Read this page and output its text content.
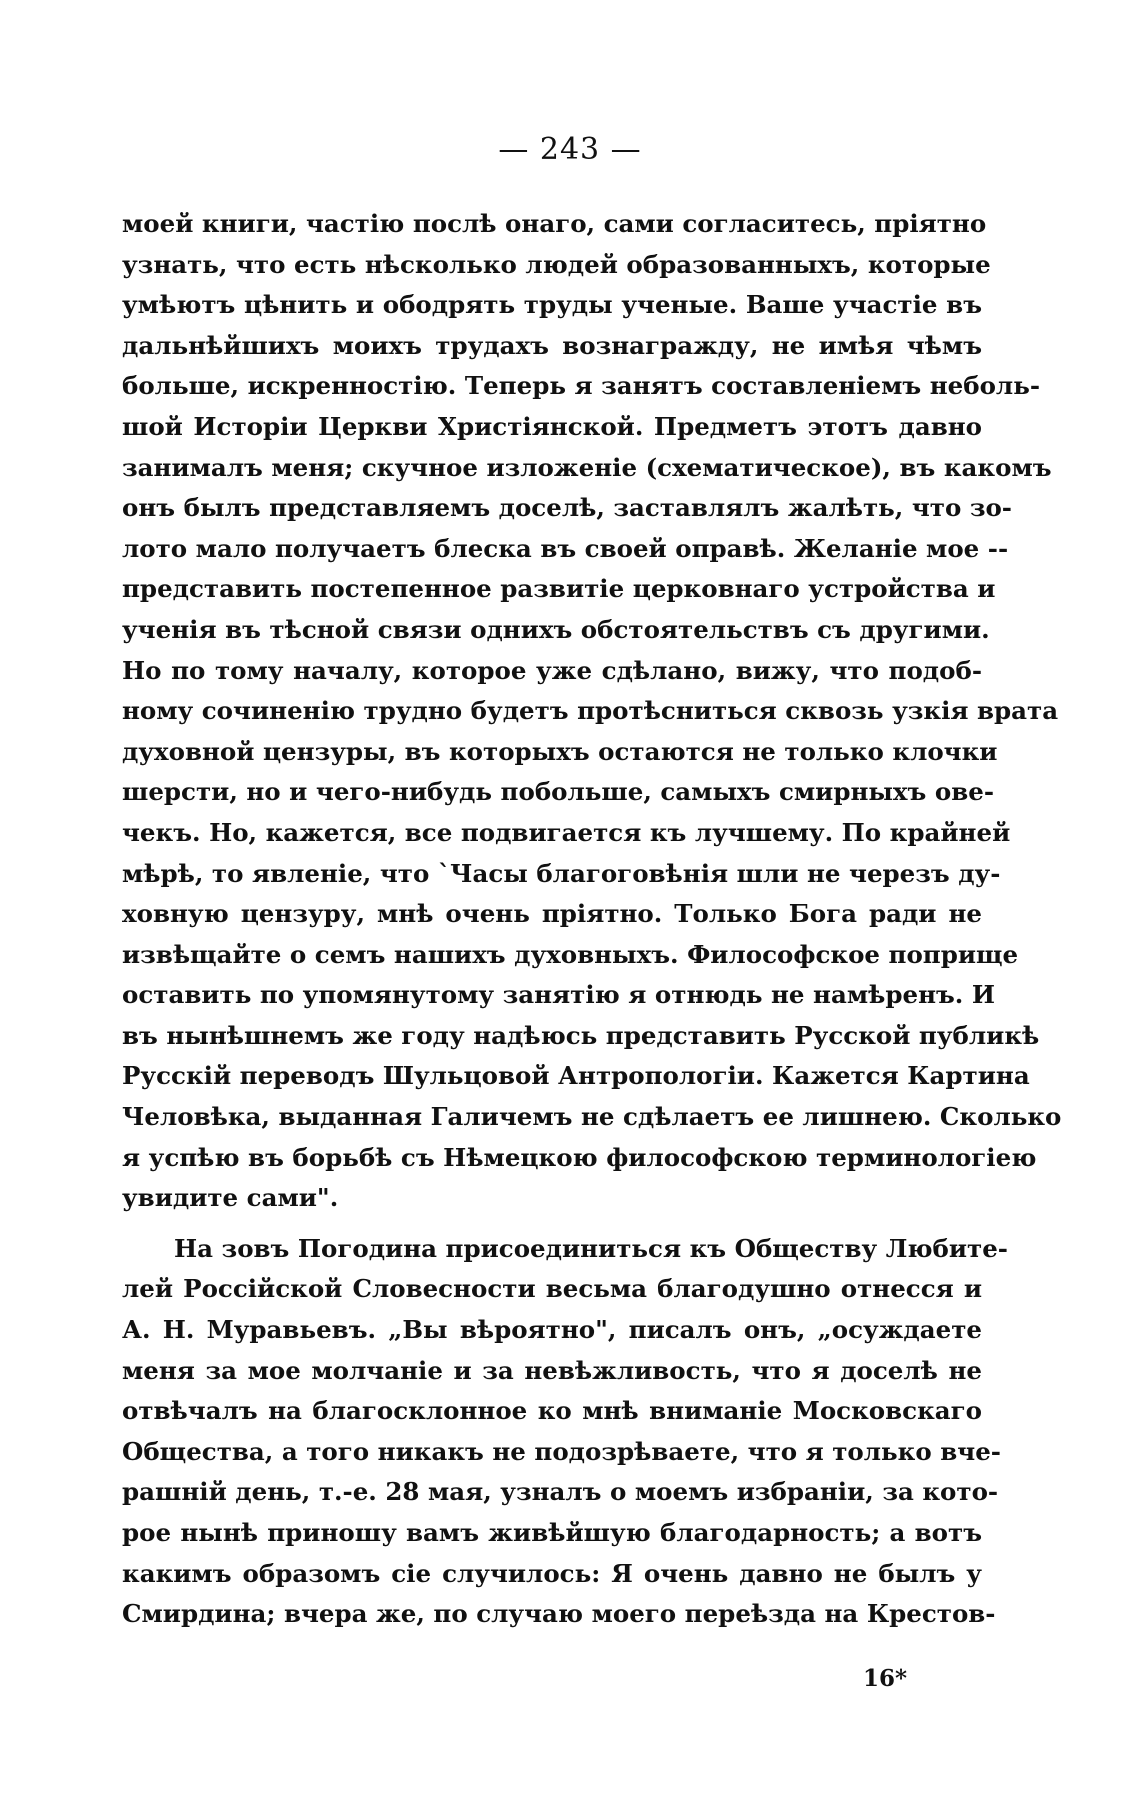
— 243 —
моей книги, частію послѣ онаго, сами согласитесь, пріятно
узнать, что есть нѣсколько людей образованныхъ, которые
умѣютъ цѣнить и ободрять труды ученые. Ваше участіе въ
дальнѣйшихъ моихъ трудахъ вознагражду, не имѣя чѣмъ
больше, искренностію. Теперь я занятъ составленіемъ неболь-
шой Исторіи Церкви Христіянской. Предметъ этотъ давно
занималъ меня; скучное изложеніе (схематическое), въ какомъ
онъ былъ представляемъ доселѣ, заставлялъ жалѣть, что зо-
лото мало получаетъ блеска въ своей оправѣ. Желаніе мое --
представить постепенное развитіе церковнаго устройства и
ученія въ тѣсной связи однихъ обстоятельствъ съ другими.
Но по тому началу, которое уже сдѣлано, вижу, что подоб-
ному сочиненію трудно будетъ протѣсниться сквозь узкія врата
духовной цензуры, въ которыхъ остаются не только клочки
шерсти, но и чего-нибудь побольше, самыхъ смирныхъ ове-
чекъ. Но, кажется, все подвигается къ лучшему. По крайней
мѣрѣ, то явленіе, что `Часы благоговѣнія шли не черезъ ду-
ховную цензуру, мнѣ очень пріятно. Только Бога ради не
извѣщайте о семъ нашихъ духовныхъ. Философское поприще
оставить по упомянутому занятію я отнюдь не намѣренъ. И
въ нынѣшнемъ же году надѣюсь представить Русской публикѣ
Русскій переводъ Шульцовой Антропологіи. Кажется Картина
Человѣка, выданная Галичемъ не сдѣлаетъ ее лишнею. Сколько
я успѣю въ борьбѣ съ Нѣмецкою философскою терминологіею
увидите сами".
На зовъ Погодина присоединиться къ Обществу Любите-
лей Россійской Словесности весьма благодушно отнесся и
А. Н. Муравьевъ. „Вы вѣроятно", писалъ онъ, „осуждаете
меня за мое молчаніе и за невѣжливость, что я доселѣ не
отвѣчалъ на благосклонное ко мнѣ вниманіе Московскаго
Общества, а того никакъ не подозрѣваете, что я только вче-
рашній день, т.-е. 28 мая, узналъ о моемъ избраніи, за кото-
рое нынѣ приношу вамъ живѣйшую благодарность; а вотъ
какимъ образомъ сіе случилось: Я очень давно не былъ у
Смирдина; вчера же, по случаю моего переѣзда на Крестов-
16*
